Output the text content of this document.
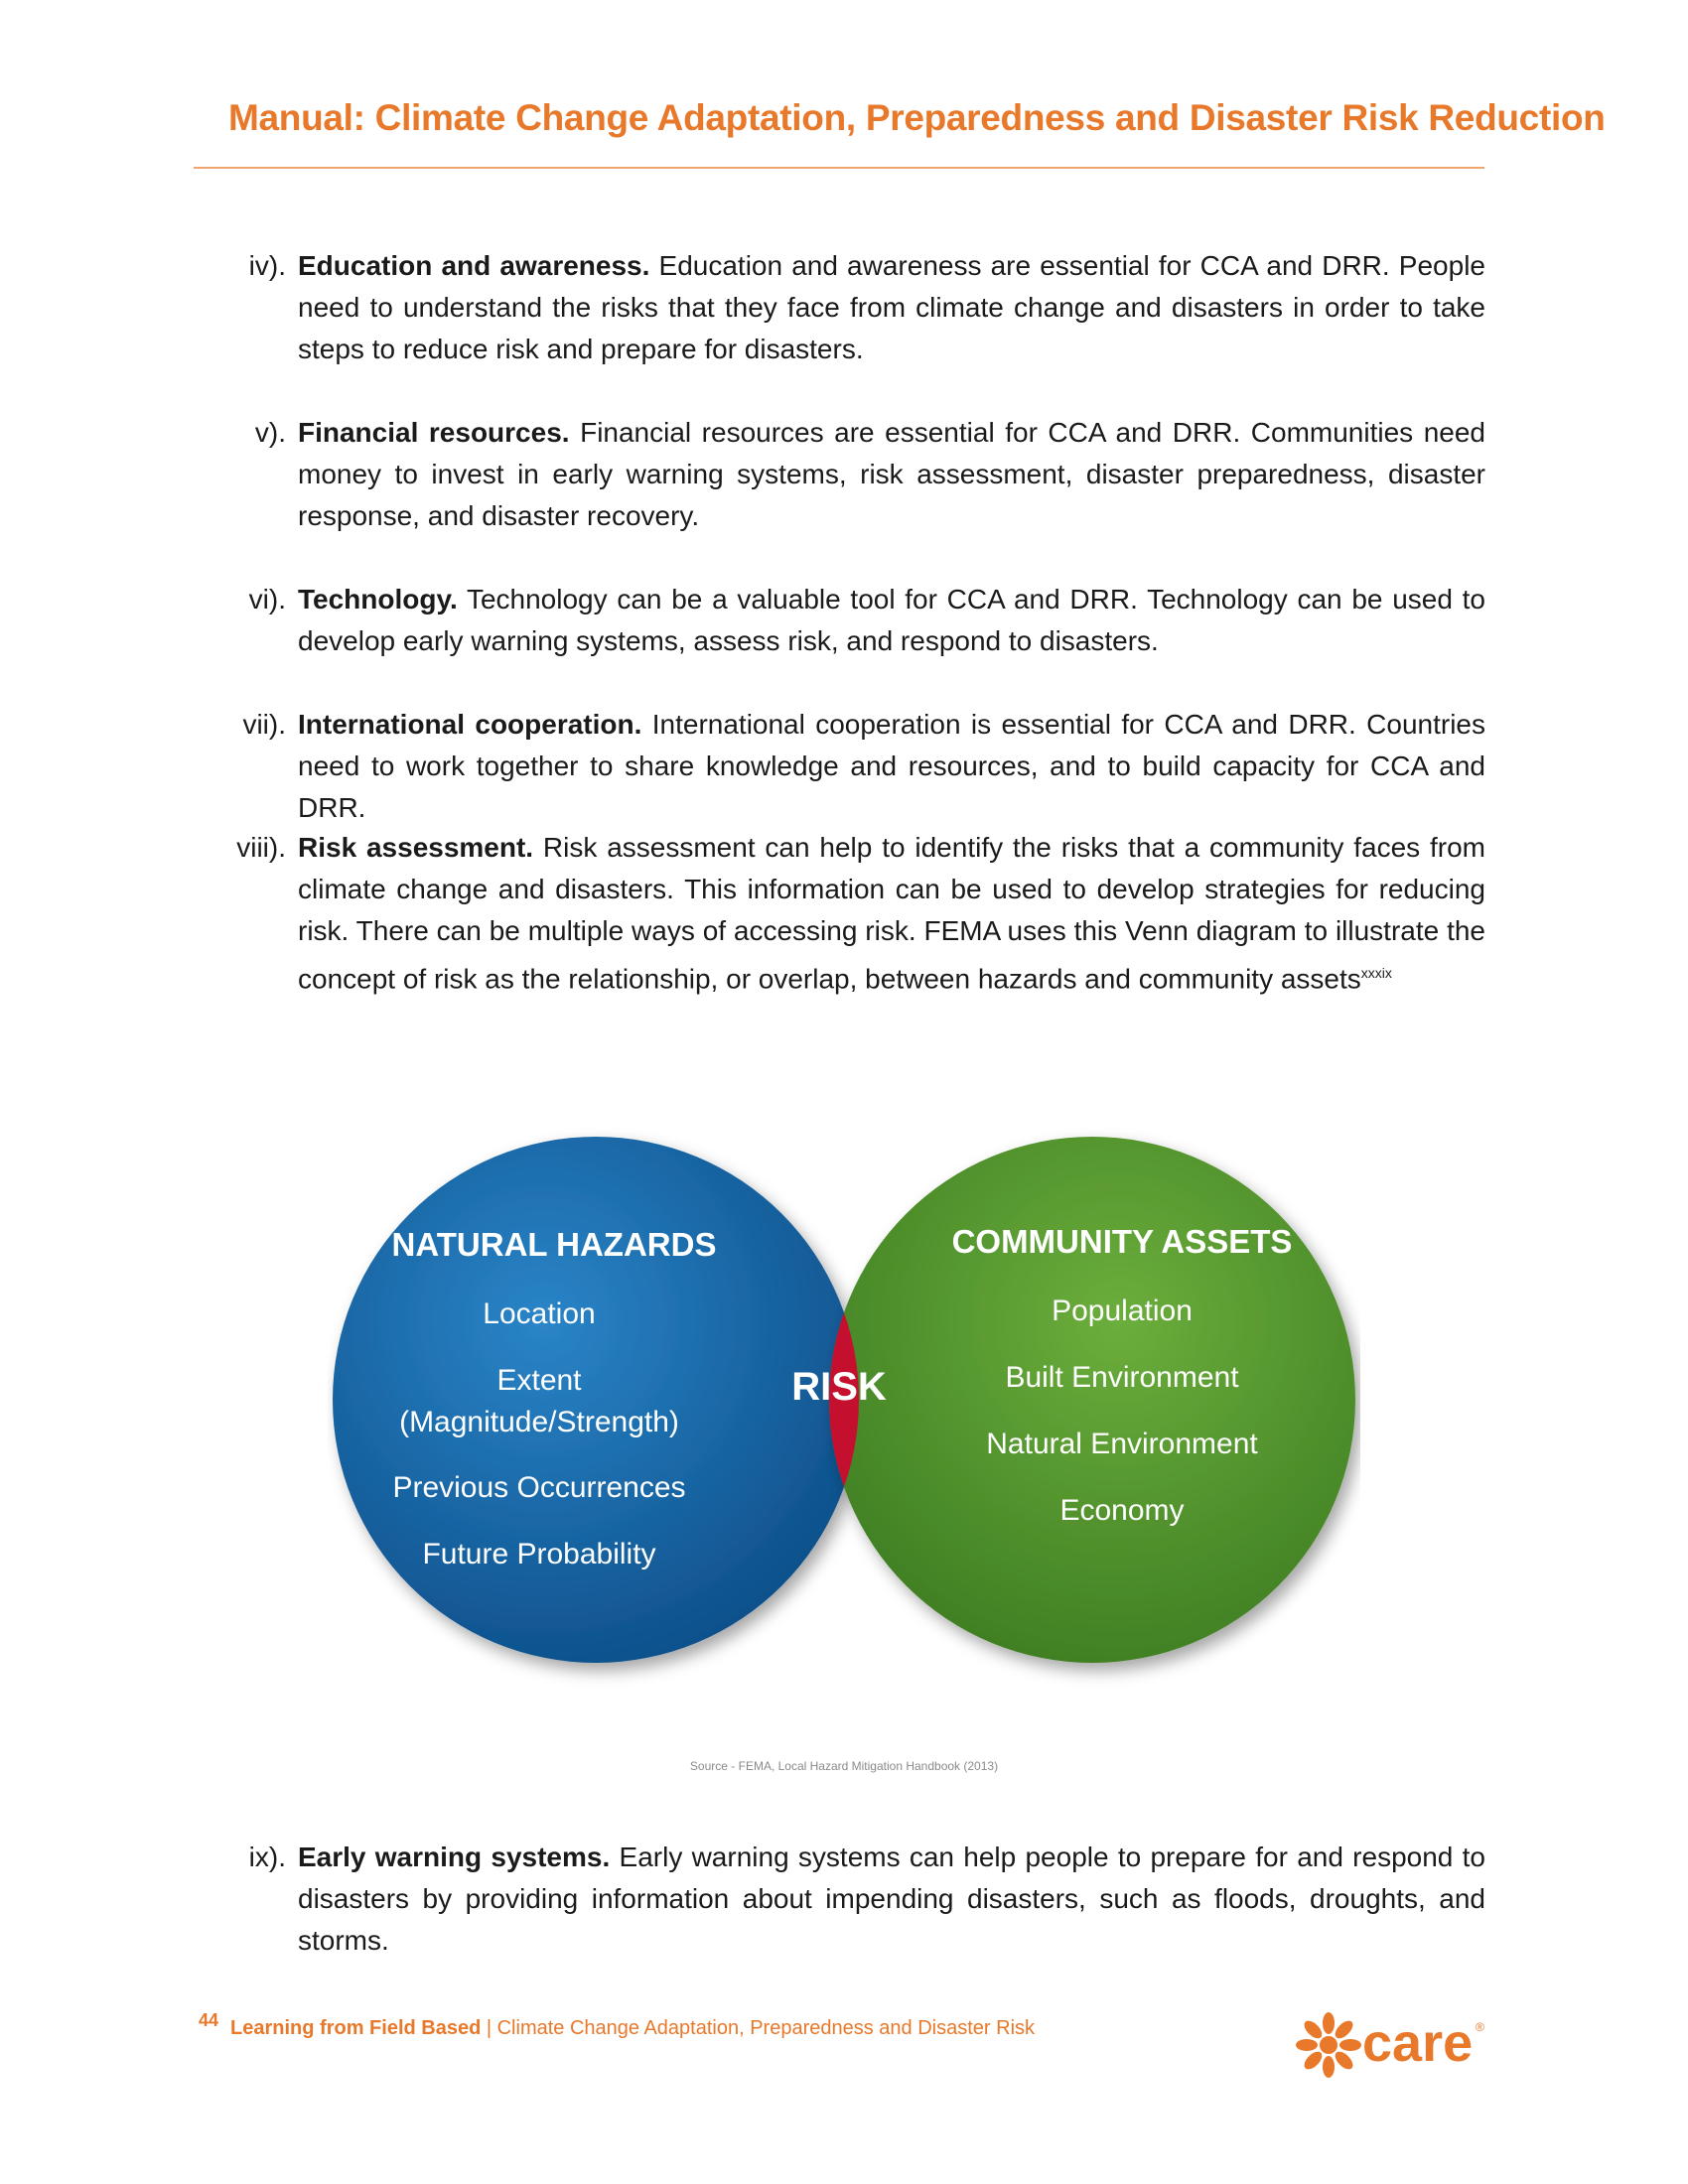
Manual: Climate Change Adaptation, Preparedness and Disaster Risk Reduction
iv). Education and awareness. Education and awareness are essential for CCA and DRR. People need to understand the risks that they face from climate change and disasters in order to take steps to reduce risk and prepare for disasters.
v). Financial resources. Financial resources are essential for CCA and DRR. Communities need money to invest in early warning systems, risk assessment, disaster preparedness, disaster response, and disaster recovery.
vi). Technology. Technology can be a valuable tool for CCA and DRR. Technology can be used to develop early warning systems, assess risk, and respond to disasters.
vii). International cooperation. International cooperation is essential for CCA and DRR. Countries need to work together to share knowledge and resources, and to build capacity for CCA and DRR.
viii). Risk assessment. Risk assessment can help to identify the risks that a community faces from climate change and disasters. This information can be used to develop strategies for reducing risk. There can be multiple ways of accessing risk. FEMA uses this Venn diagram to illustrate the concept of risk as the relationship, or overlap, between hazards and community assets$^{xxxix}$
NATURAL HAZARDS
Location
Extent
(Magnitude/Strength)
Previous Occurrences
Future Probability
RISK
COMMUNITY ASSETS
Population
Built Environment
Natural Environment
Economy
Source - FEMA, Local Hazard Mitigation Handbook (2013)
ix). Early warning systems. Early warning systems can help people to prepare for and respond to disasters by providing information about impending disasters, such as floods, droughts, and storms.
44 Learning from Field Based | Climate Change Adaptation, Preparedness and Disaster Risk	care ®
